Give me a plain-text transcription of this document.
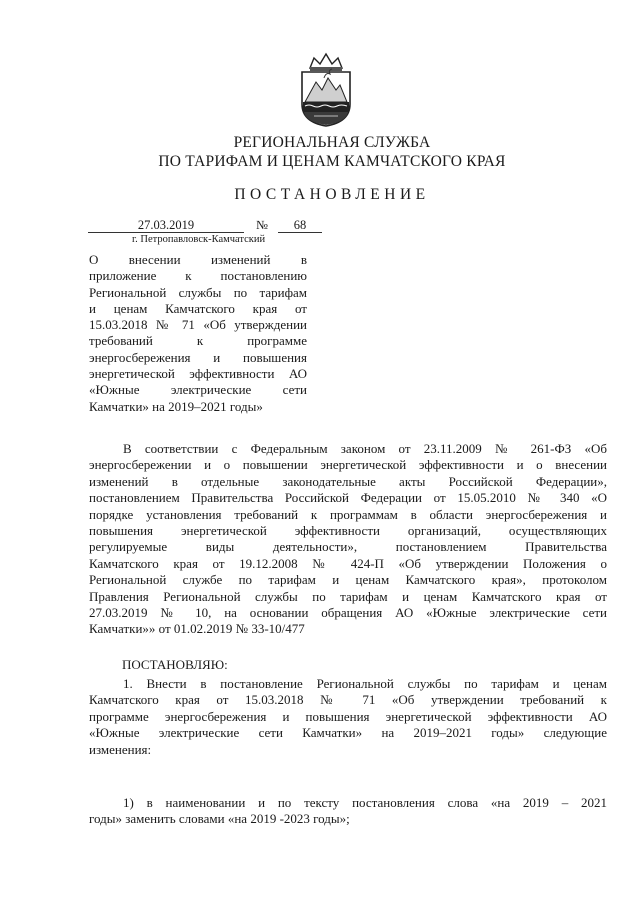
РЕГИОНАЛЬНАЯ СЛУЖБА
ПО ТАРИФАМ И ЦЕНАМ КАМЧАТСКОГО КРАЯ
ПОСТАНОВЛЕНИЕ
27.03.2019	№	68
г. Петропавловск-Камчатский
О внесении изменений в
приложение к постановлению
Региональной службы по тарифам
и ценам Камчатского края от
15.03.2018 № 71 «Об утверждении
требований к программе
энергосбережения и повышения
энергетической эффективности АО
«Южные электрические сети
Камчатки» на 2019–2021 годы»
В соответствии с Федеральным законом от 23.11.2009 № 261-ФЗ «Об
энергосбережении и о повышении энергетической эффективности и о внесении
изменений в отдельные законодательные акты Российской Федерации»,
постановлением Правительства Российской Федерации от 15.05.2010 № 340 «О
порядке установления требований к программам в области энергосбережения и
повышения энергетической эффективности организаций, осуществляющих
регулируемые виды деятельности», постановлением Правительства
Камчатского края от 19.12.2008 № 424-П «Об утверждении Положения о
Региональной службе по тарифам и ценам Камчатского края», протоколом
Правления Региональной службы по тарифам и ценам Камчатского края от
27.03.2019 № 10, на основании обращения АО «Южные электрические сети
Камчатки»» от 01.02.2019 № 33-10/477
ПОСТАНОВЛЯЮ:
1. Внести в постановление Региональной службы по тарифам и ценам
Камчатского края от 15.03.2018 № 71 «Об утверждении требований к
программе энергосбережения и повышения энергетической эффективности АО
«Южные электрические сети Камчатки» на 2019–2021 годы» следующие
изменения:
1) в наименовании и по тексту постановления слова «на 2019 – 2021
годы» заменить словами «на 2019 -2023 годы»;
